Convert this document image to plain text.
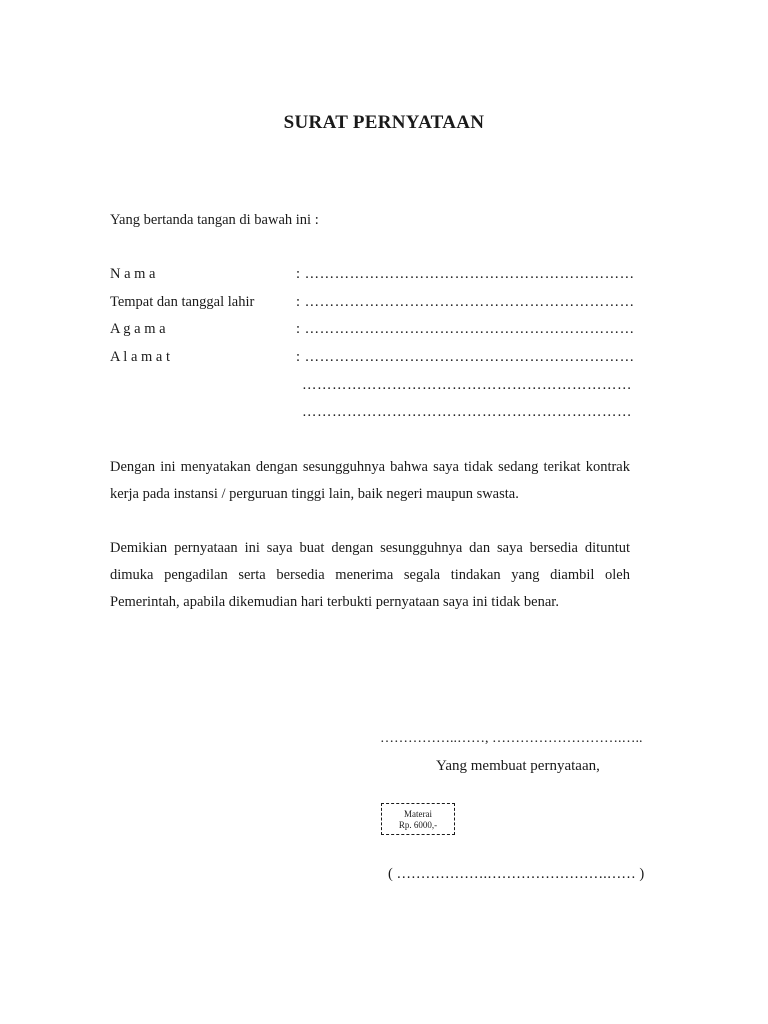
SURAT PERNYATAAN
Yang bertanda tangan di bawah ini :
N a m a	: …………………………………………………………
Tempat dan tanggal lahir	: …………………………………………………………
A g a m a	: …………………………………………………………
A l a m a t	: …………………………………………………………
…………………………………………………………
…………………………………………………………
Dengan ini menyatakan dengan sesungguhnya bahwa saya tidak sedang terikat kontrak kerja pada instansi / perguruan tinggi lain, baik negeri maupun swasta.
Demikian pernyataan ini saya buat dengan sesungguhnya dan saya bersedia dituntut dimuka pengadilan serta bersedia menerima segala tindakan yang diambil oleh Pemerintah, apabila dikemudian hari terbukti pernyataan saya ini tidak benar.
……………..……, ……………………….…..
Yang membuat pernyataan,
Materai
Rp. 6000,-
( ……………….…………………….…… )
